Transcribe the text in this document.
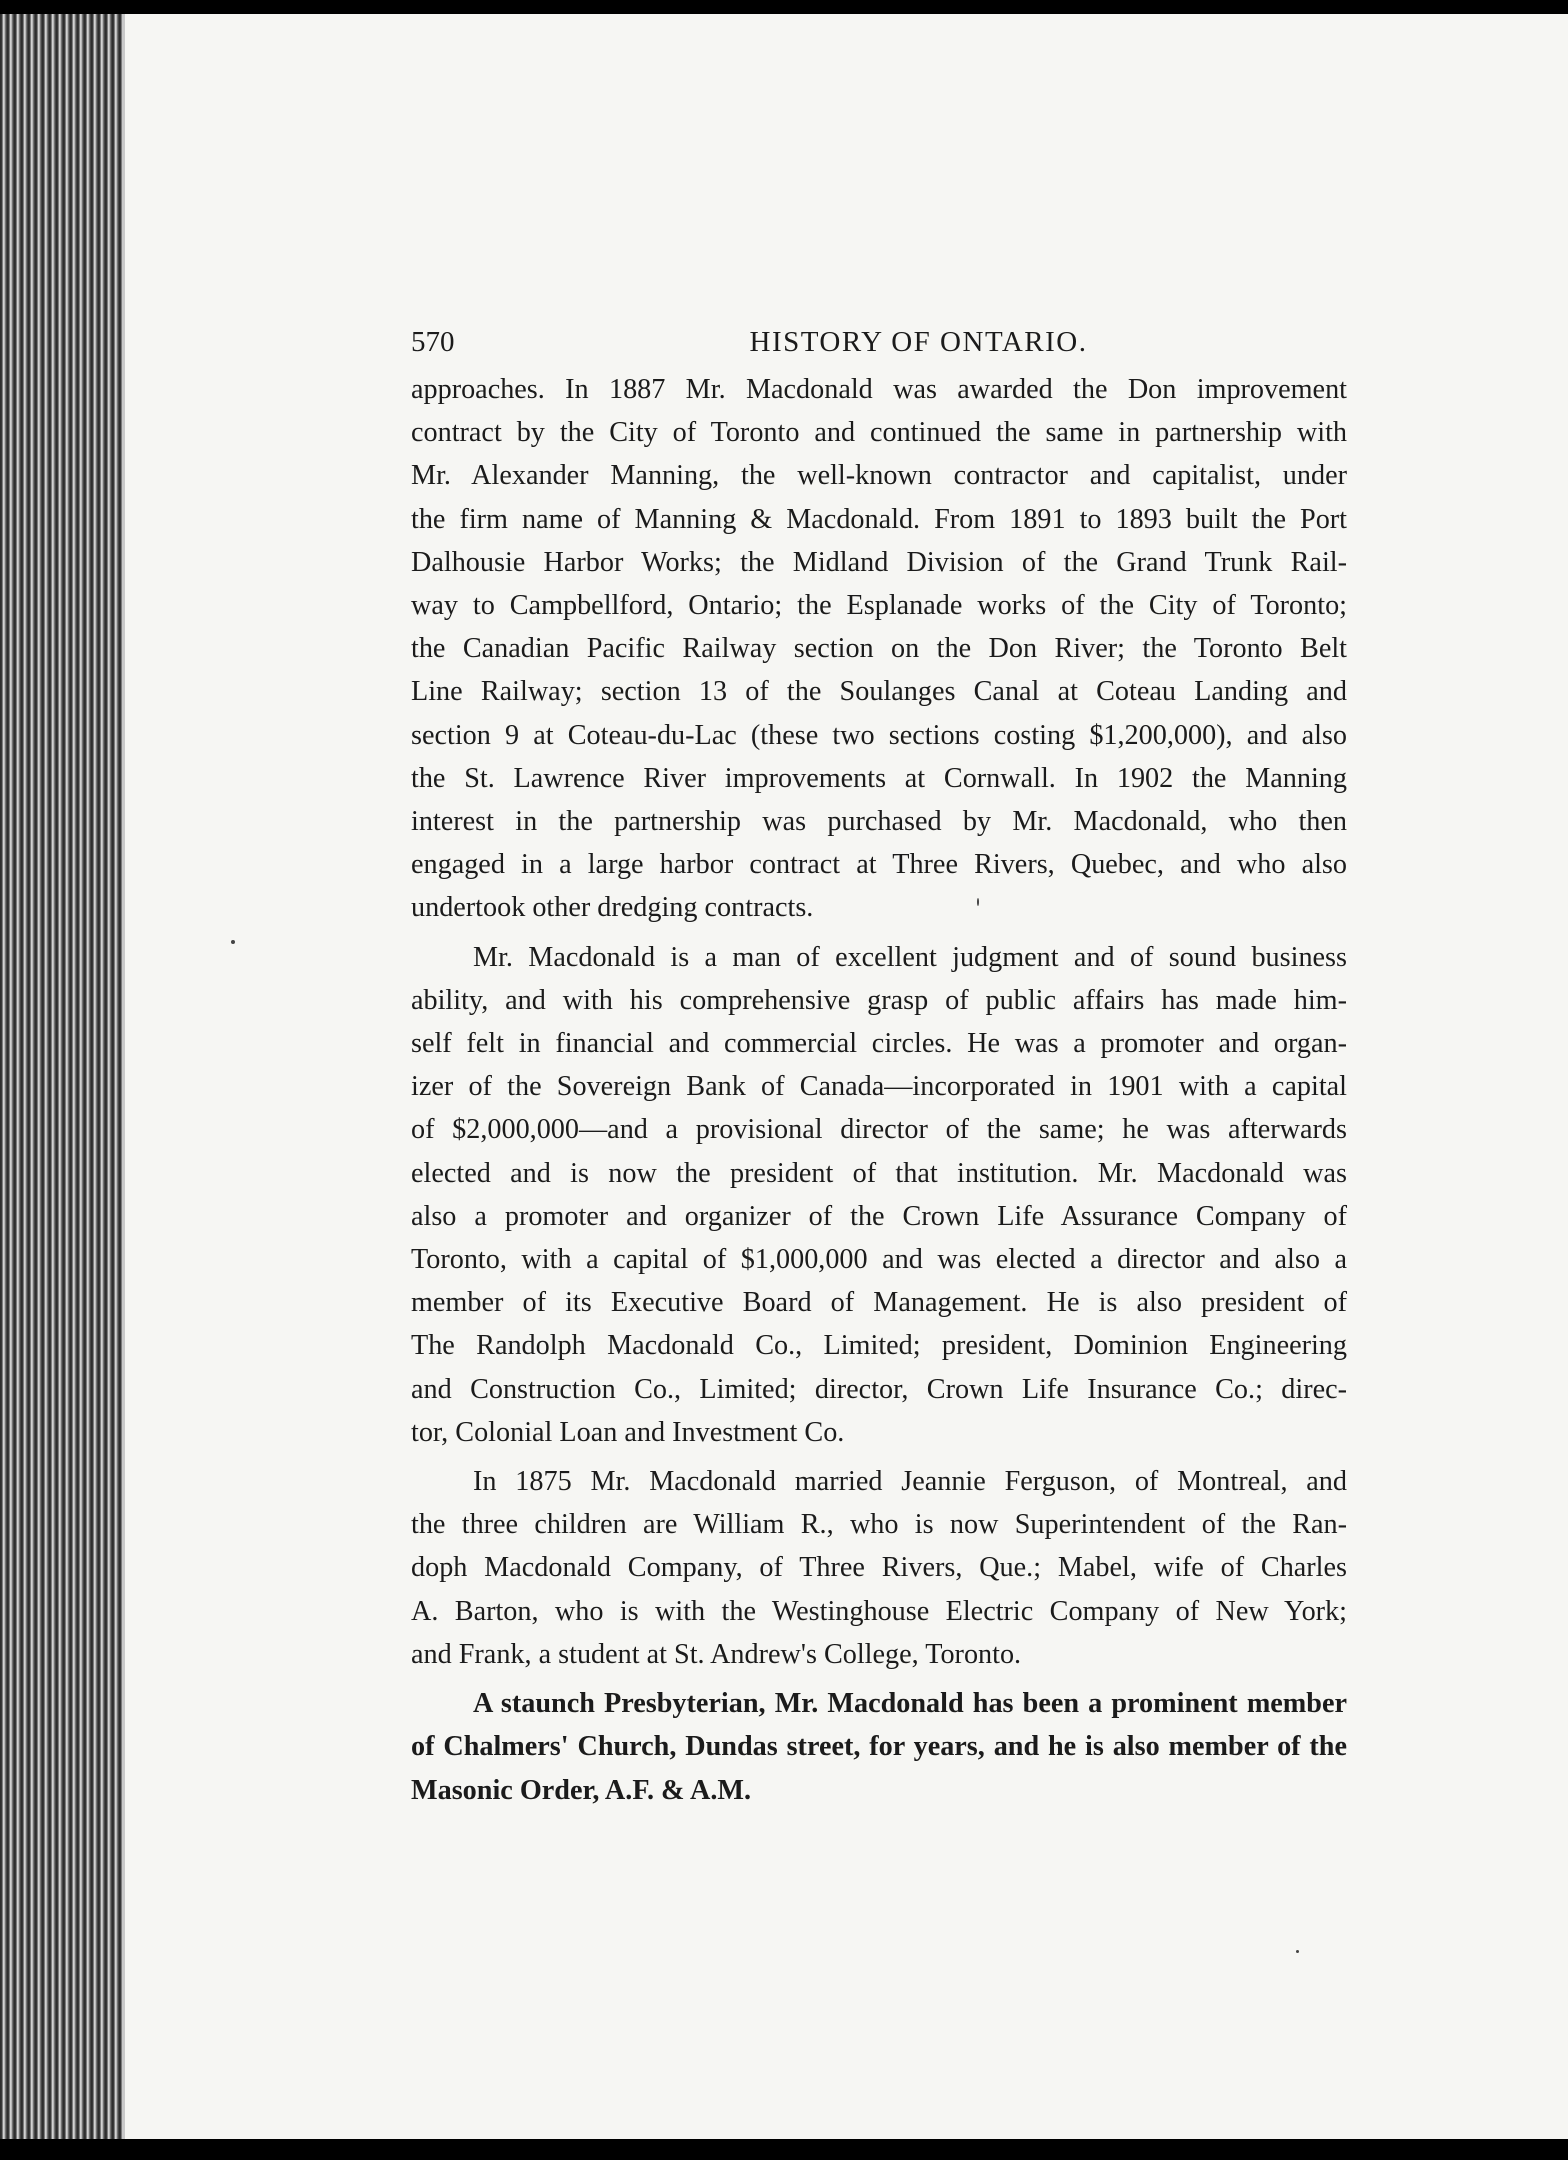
570	HISTORY OF ONTARIO.
approaches. In 1887 Mr. Macdonald was awarded the Don improvement
contract by the City of Toronto and continued the same in partnership with
Mr. Alexander Manning, the well-known contractor and capitalist, under
the firm name of Manning & Macdonald. From 1891 to 1893 built the Port
Dalhousie Harbor Works; the Midland Division of the Grand Trunk Rail-
way to Campbellford, Ontario; the Esplanade works of the City of Toronto;
the Canadian Pacific Railway section on the Don River; the Toronto Belt
Line Railway; section 13 of the Soulanges Canal at Coteau Landing and
section 9 at Coteau-du-Lac (these two sections costing $1,200,000), and also
the St. Lawrence River improvements at Cornwall. In 1902 the Manning
interest in the partnership was purchased by Mr. Macdonald, who then
engaged in a large harbor contract at Three Rivers, Quebec, and who also
undertook other dredging contracts.
Mr. Macdonald is a man of excellent judgment and of sound business
ability, and with his comprehensive grasp of public affairs has made him-
self felt in financial and commercial circles. He was a promoter and organ-
izer of the Sovereign Bank of Canada—incorporated in 1901 with a capital
of $2,000,000—and a provisional director of the same; he was afterwards
elected and is now the president of that institution. Mr. Macdonald was
also a promoter and organizer of the Crown Life Assurance Company of
Toronto, with a capital of $1,000,000 and was elected a director and also a
member of its Executive Board of Management. He is also president of
The Randolph Macdonald Co., Limited; president, Dominion Engineering
and Construction Co., Limited; director, Crown Life Insurance Co.; direc-
tor, Colonial Loan and Investment Co.
In 1875 Mr. Macdonald married Jeannie Ferguson, of Montreal, and
the three children are William R., who is now Superintendent of the Ran-
doph Macdonald Company, of Three Rivers, Que.; Mabel, wife of Charles
A. Barton, who is with the Westinghouse Electric Company of New York;
and Frank, a student at St. Andrew's College, Toronto.
A staunch Presbyterian, Mr. Macdonald has been a prominent member
of Chalmers' Church, Dundas street, for years, and he is also member of the
Masonic Order, A.F. & A.M.
